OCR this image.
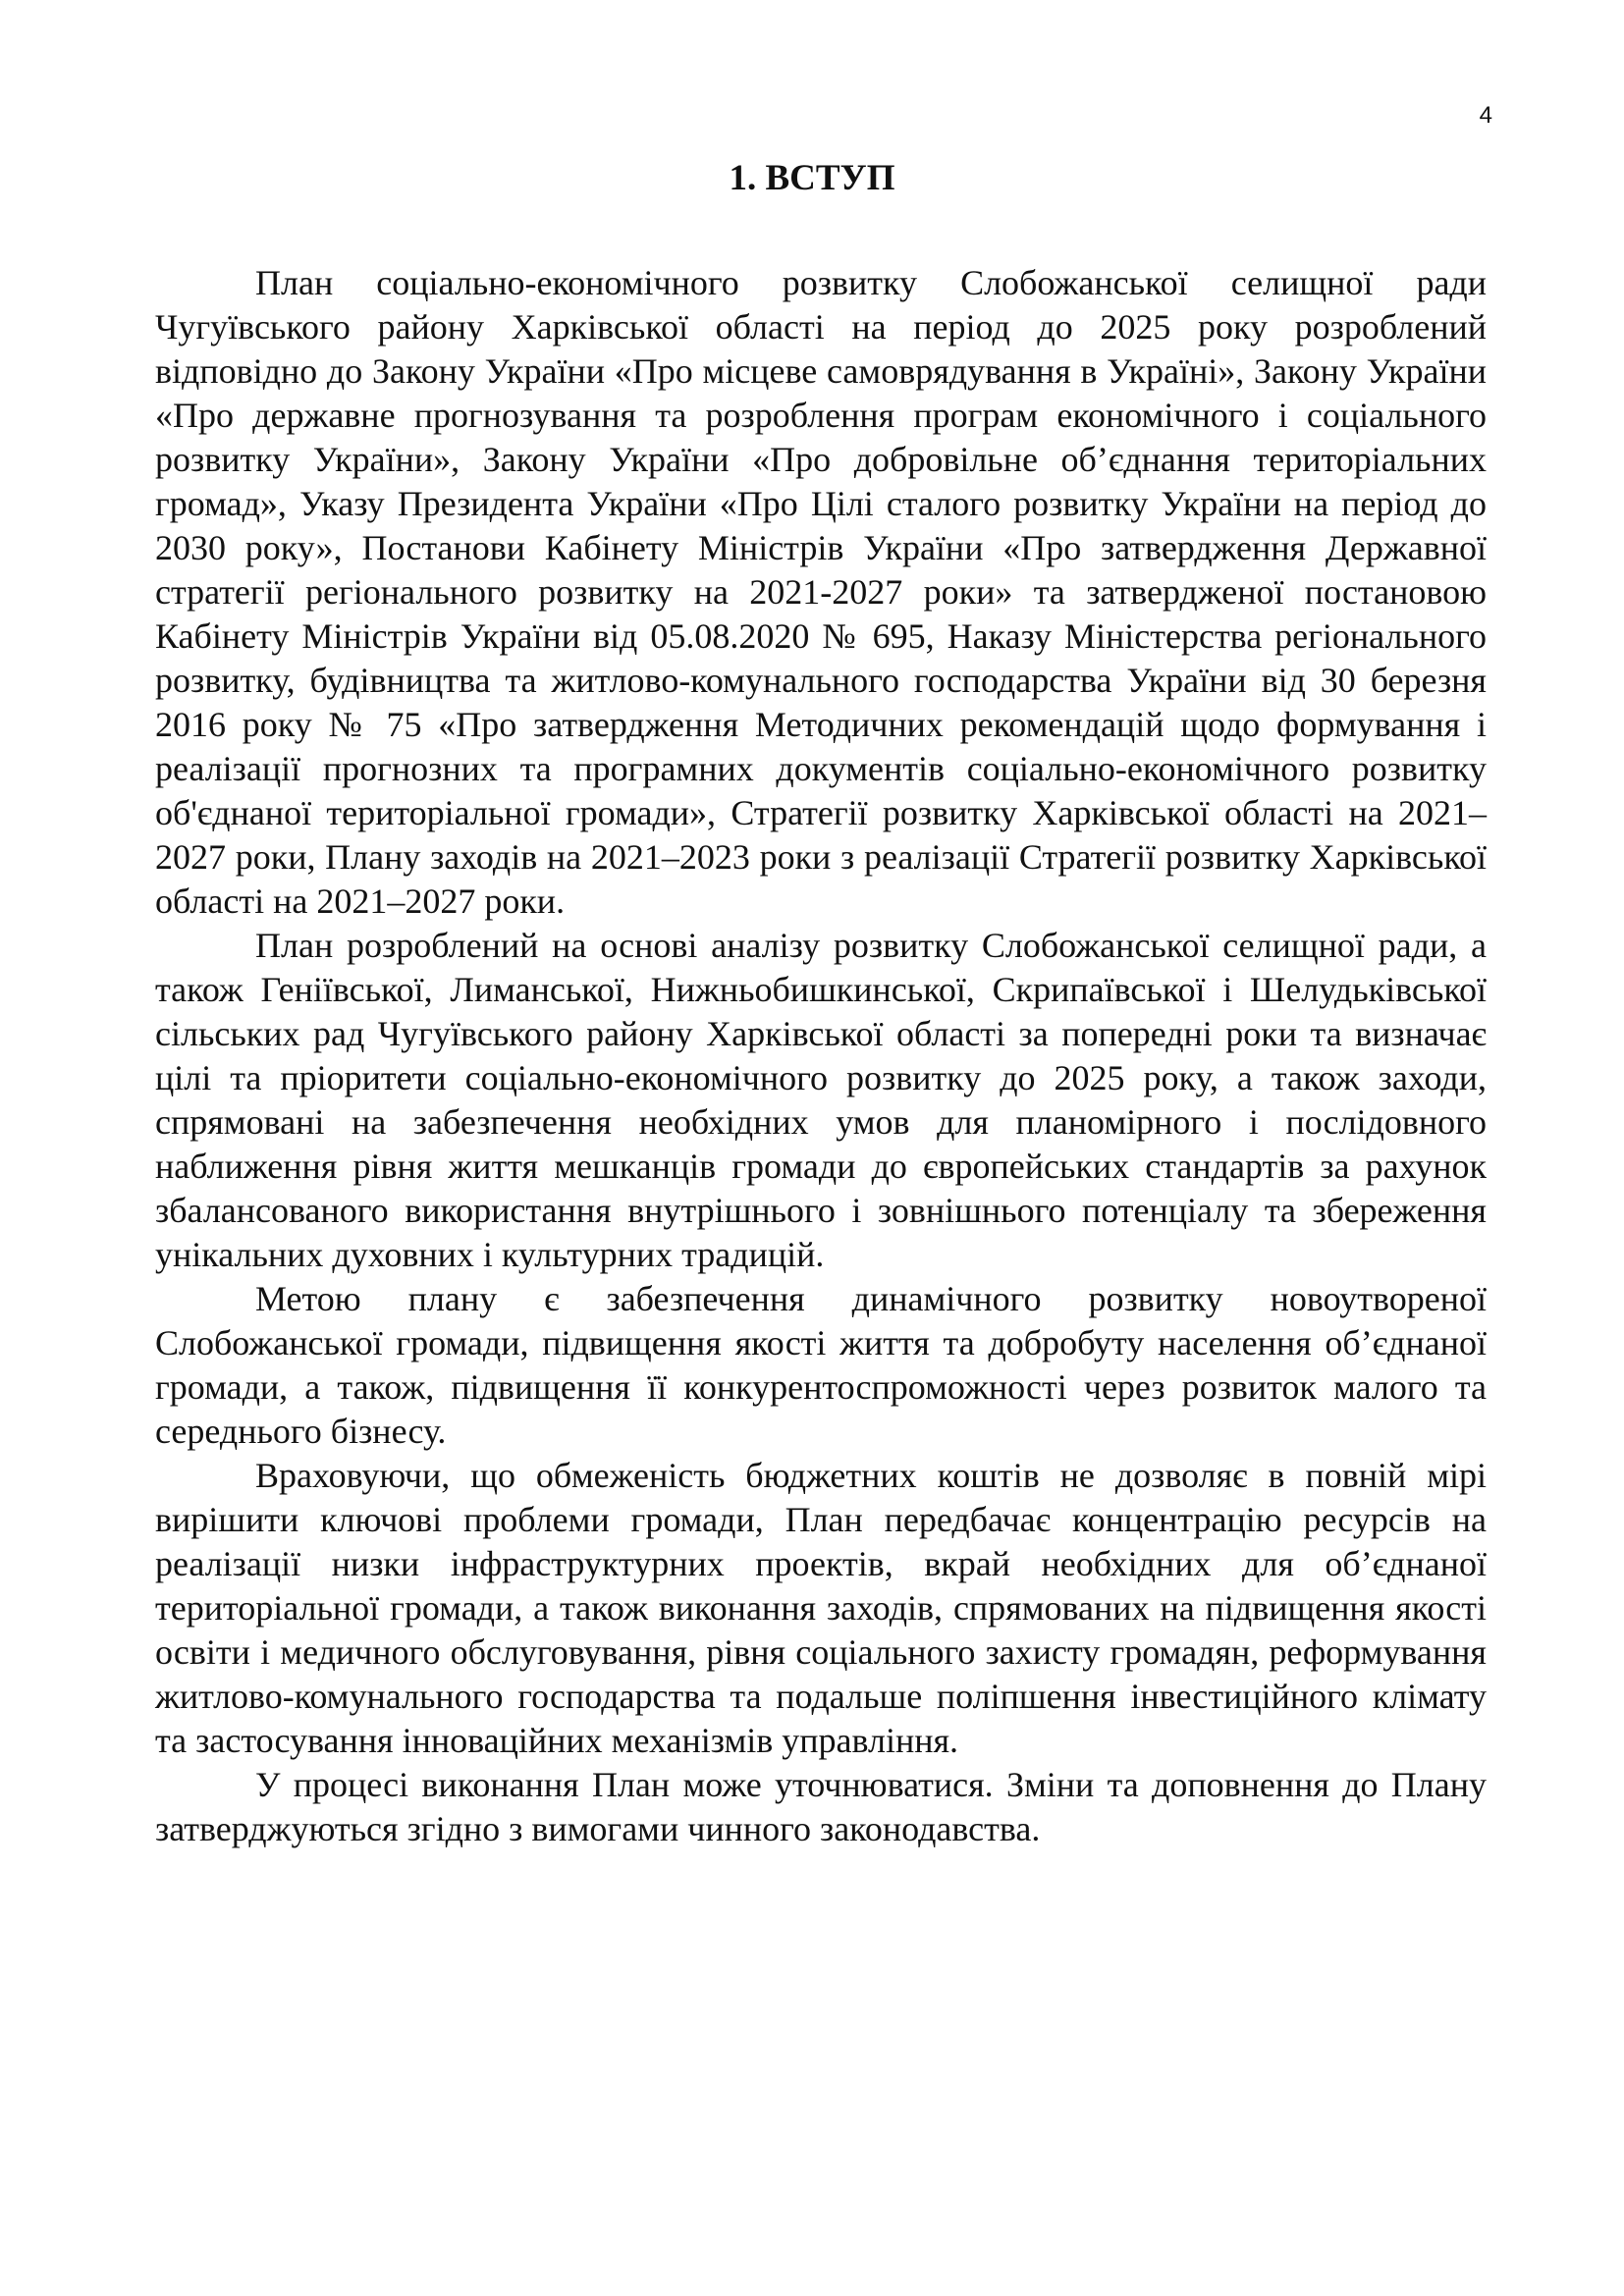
4
1. ВСТУП

План соціально-економічного розвитку Слобожанської селищної ради Чугуївського району Харківської області на період до 2025 року розроблений відповідно до Закону України «Про місцеве самоврядування в Україні», Закону України «Про державне прогнозування та розроблення програм економічного і соціального розвитку України», Закону України «Про добровільне об’єднання територіальних громад», Указу Президента України «Про Цілі сталого розвитку України на період до 2030 року», Постанови Кабінету Міністрів України «Про затвердження Державної стратегії регіонального розвитку на 2021-2027 роки» та затвердженої постановою Кабінету Міністрів України від 05.08.2020 № 695, Наказу Міністерства регіонального розвитку, будівництва та житлово-комунального господарства України від 30 березня 2016 року № 75 «Про затвердження Методичних рекомендацій щодо формування і реалізації прогнозних та програмних документів соціально-економічного розвитку об'єднаної територіальної громади», Стратегії розвитку Харківської області на 2021–2027 роки, Плану заходів на 2021–2023 роки з реалізації Стратегії розвитку Харківської області на 2021–2027 роки.

План розроблений на основі аналізу розвитку Слобожанської селищної ради, а також Геніївської, Лиманської, Нижньобишкинської, Скрипаївської і Шелудьківської сільських рад Чугуївського району Харківської області за попередні роки та визначає цілі та пріоритети соціально-економічного розвитку до 2025 року, а також заходи, спрямовані на забезпечення необхідних умов для планомірного і послідовного наближення рівня життя мешканців громади до європейських стандартів за рахунок збалансованого використання внутрішнього і зовнішнього потенціалу та збереження унікальних духовних і культурних традицій.

Метою плану є забезпечення динамічного розвитку новоутвореної Слобожанської громади, підвищення якості життя та добробуту населення об’єднаної громади, а також, підвищення її конкурентоспроможності через розвиток малого та середнього бізнесу.

Враховуючи, що обмеженість бюджетних коштів не дозволяє в повній мірі вирішити ключові проблеми громади, План передбачає концентрацію ресурсів на реалізації низки інфраструктурних проектів, вкрай необхідних для об’єднаної територіальної громади, а також виконання заходів, спрямованих на підвищення якості освіти і медичного обслуговування, рівня соціального захисту громадян, реформування житлово-комунального господарства та подальше поліпшення інвестиційного клімату та застосування інноваційних механізмів управління.

У процесі виконання План може уточнюватися. Зміни та доповнення до Плану затверджуються згідно з вимогами чинного законодавства.
